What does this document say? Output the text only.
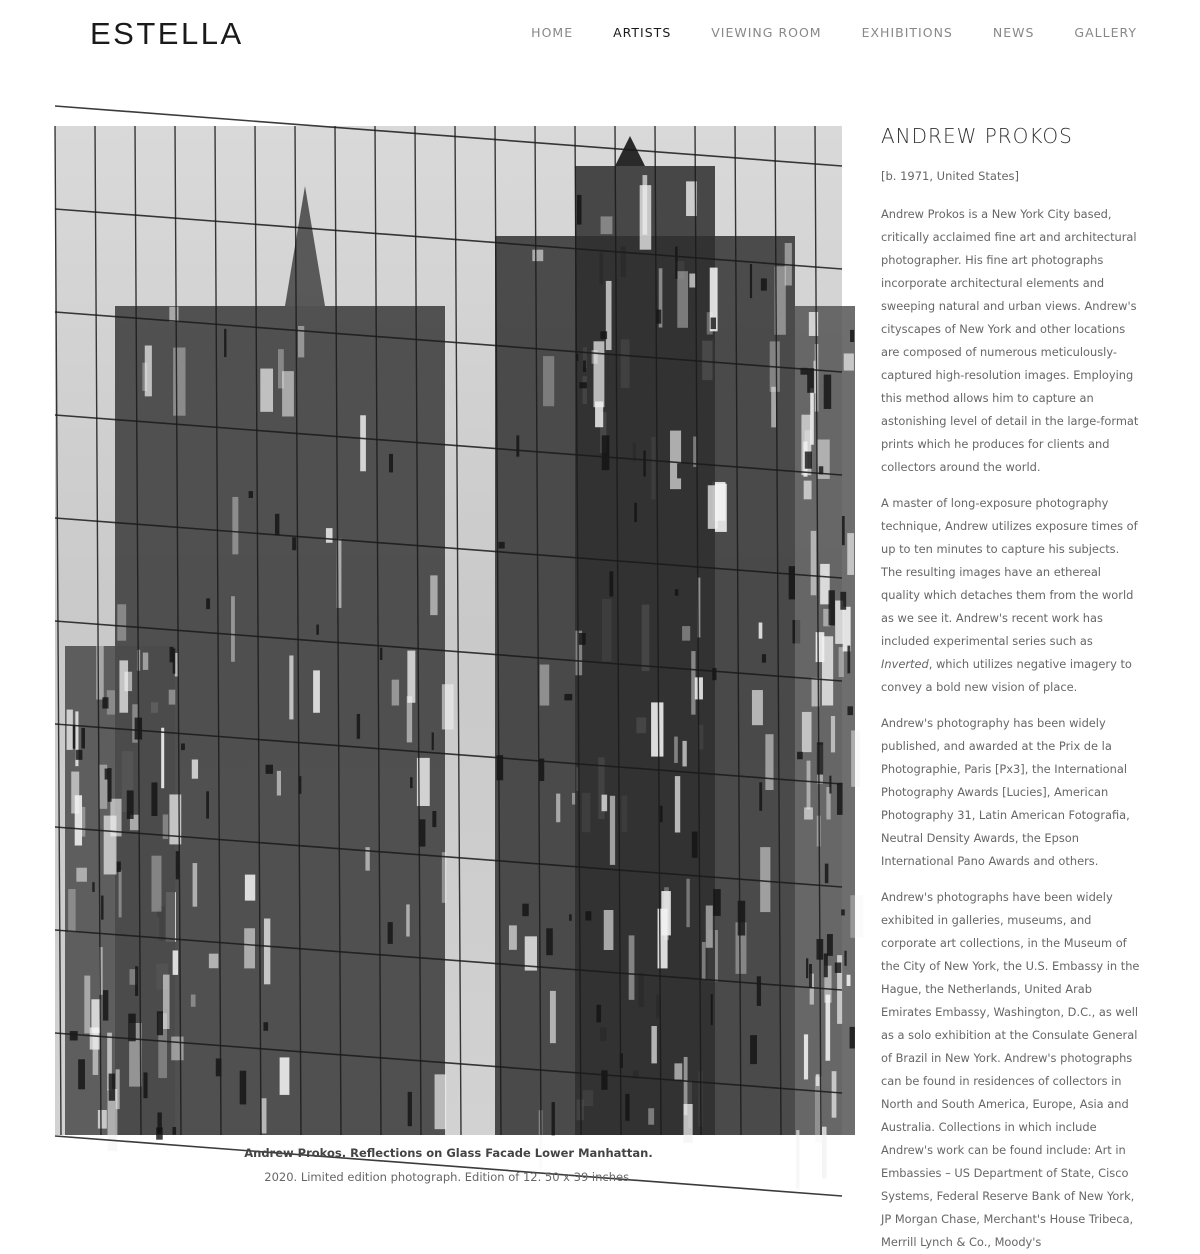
ESTELLA	HOME	ARTISTS	VIEWING ROOM	EXHIBITIONS	NEWS	GALLERY
Andrew Prokos. Reflections on Glass Facade Lower Manhattan.
2020. Limited edition photograph. Edition of 12. 50 x 39 inches.
ANDREW PROKOS
[b. 1971, United States]

Andrew Prokos is a New York City based, critically acclaimed fine art and architectural photographer. His fine art photographs incorporate architectural elements and sweeping natural and urban views. Andrew's cityscapes of New York and other locations are composed of numerous meticulously-captured high-resolution images. Employing this method allows him to capture an astonishing level of detail in the large-format prints which he produces for clients and collectors around the world.

A master of long-exposure photography technique, Andrew utilizes exposure times of up to ten minutes to capture his subjects. The resulting images have an ethereal quality which detaches them from the world as we see it. Andrew's recent work has included experimental series such as Inverted, which utilizes negative imagery to convey a bold new vision of place.

Andrew's photography has been widely published, and awarded at the Prix de la Photographie, Paris [Px3], the International Photography Awards [Lucies], American Photography 31, Latin American Fotografia, Neutral Density Awards, the Epson International Pano Awards and others.

Andrew's photographs have been widely exhibited in galleries, museums, and corporate art collections, in the Museum of the City of New York, the U.S. Embassy in the Hague, the Netherlands, United Arab Emirates Embassy, Washington, D.C., as well as a solo exhibition at the Consulate General of Brazil in New York. Andrew's photographs can be found in residences of collectors in North and South America, Europe, Asia and Australia. Collections in which include Andrew's work can be found include: Art in Embassies – US Department of State, Cisco Systems, Federal Reserve Bank of New York, JP Morgan Chase, Merchant's House Tribeca, Merrill Lynch & Co., Moody's
